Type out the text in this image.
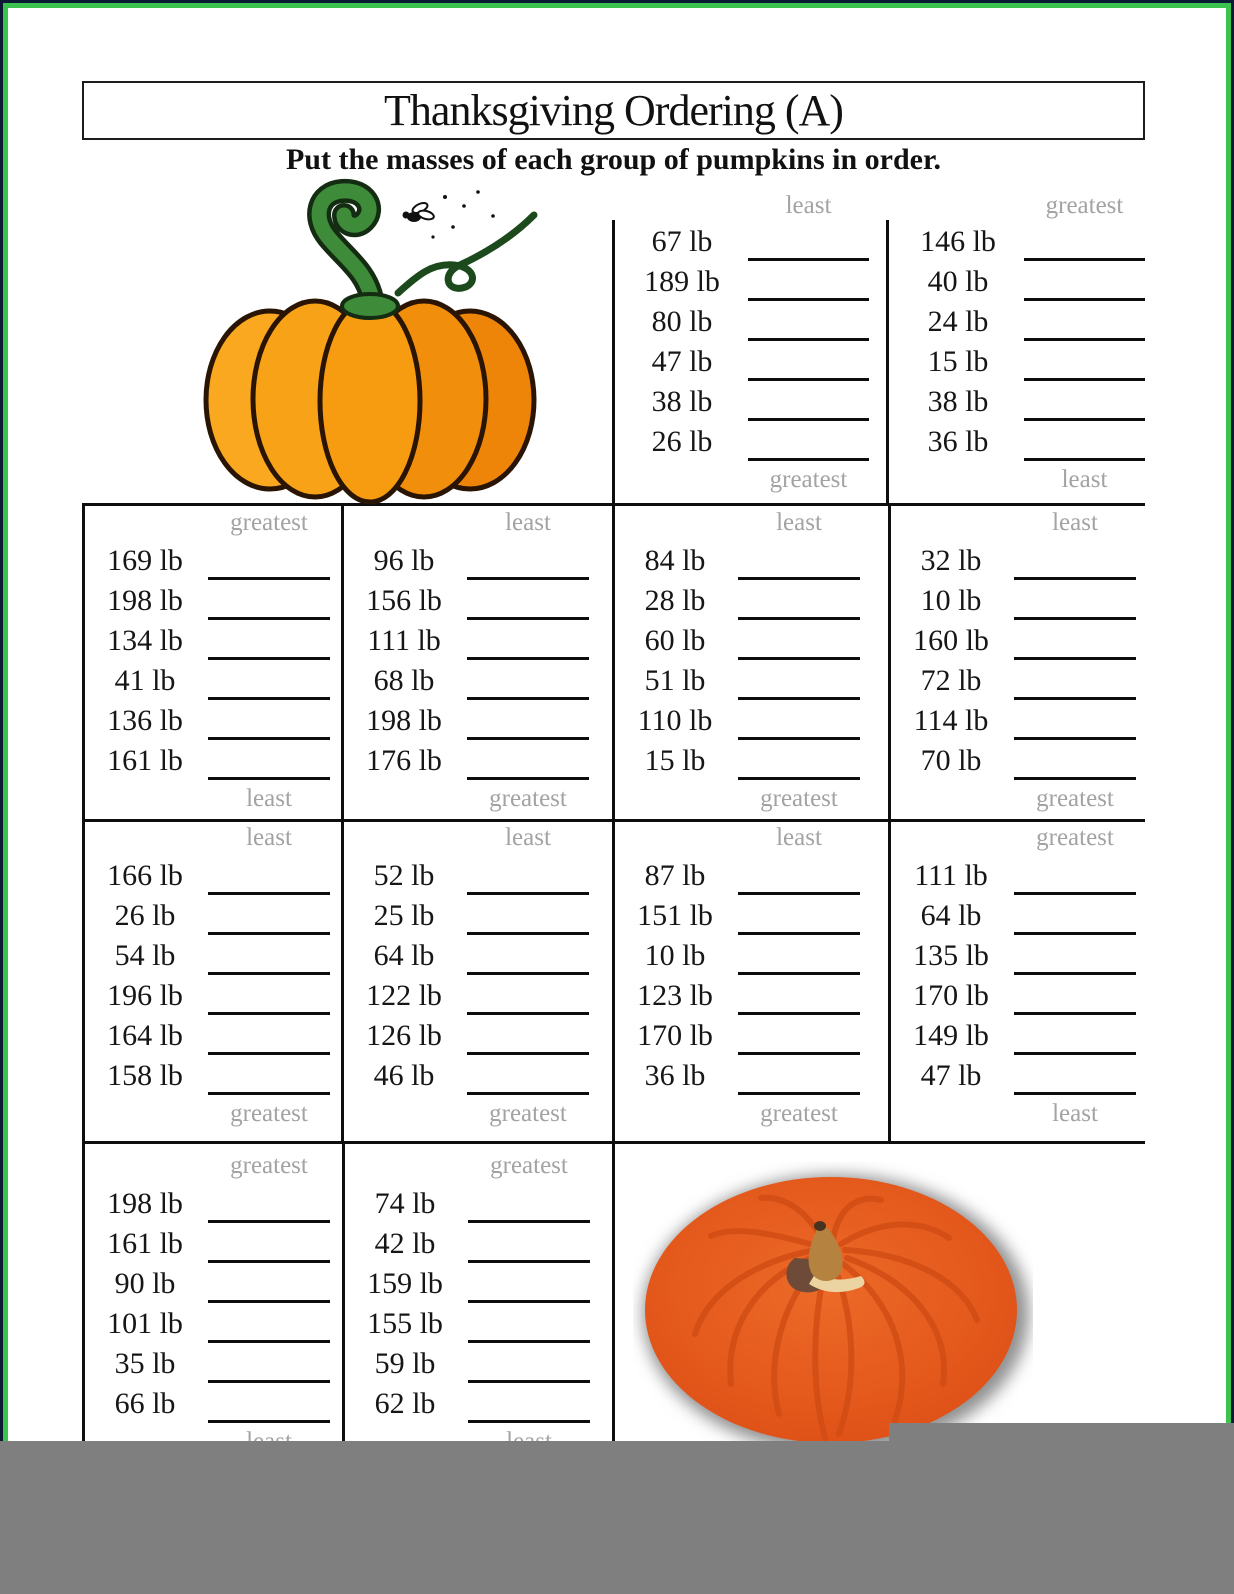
Thanksgiving Ordering (A)
Put the masses of each group of pumpkins in order.
least
67 lb
189 lb
80 lb
47 lb
38 lb
26 lb
greatest
greatest
146 lb
40 lb
24 lb
15 lb
38 lb
36 lb
least
greatest
169 lb
198 lb
134 lb
41 lb
136 lb
161 lb
least
least
96 lb
156 lb
111 lb
68 lb
198 lb
176 lb
greatest
least
84 lb
28 lb
60 lb
51 lb
110 lb
15 lb
greatest
least
32 lb
10 lb
160 lb
72 lb
114 lb
70 lb
greatest
least
166 lb
26 lb
54 lb
196 lb
164 lb
158 lb
greatest
least
52 lb
25 lb
64 lb
122 lb
126 lb
46 lb
greatest
least
87 lb
151 lb
10 lb
123 lb
170 lb
36 lb
greatest
greatest
111 lb
64 lb
135 lb
170 lb
149 lb
47 lb
least
greatest
198 lb
161 lb
90 lb
101 lb
35 lb
66 lb
greatest
74 lb
42 lb
159 lb
155 lb
59 lb
62 lb
